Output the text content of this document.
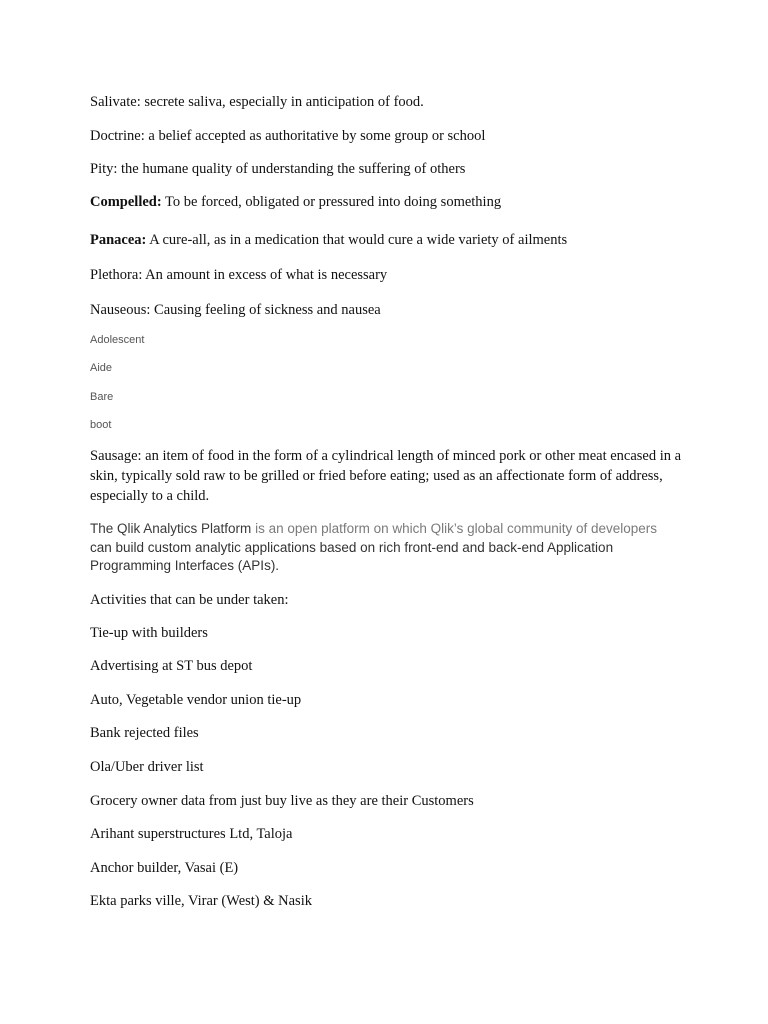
Salivate: secrete saliva, especially in anticipation of food.

Doctrine: a belief accepted as authoritative by some group or school

Pity: the humane quality of understanding the suffering of others

Compelled: To be forced, obligated or pressured into doing something

Panacea: A cure-all, as in a medication that would cure a wide variety of ailments

Plethora: An amount in excess of what is necessary

Nauseous: Causing feeling of sickness and nausea

Adolescent

Aide

Bare

boot

Sausage: an item of food in the form of a cylindrical length of minced pork or other meat encased in a skin, typically sold raw to be grilled or fried before eating; used as an affectionate form of address, especially to a child.

The Qlik Analytics Platform is an open platform on which Qlik’s global community of developers
can build custom analytic applications based on rich front-end and back-end Application
Programming Interfaces (APIs).

Activities that can be under taken:

Tie-up with builders

Advertising at ST bus depot

Auto, Vegetable vendor union tie-up

Bank rejected files

Ola/Uber driver list

Grocery owner data from just buy live as they are their Customers

Arihant superstructures Ltd, Taloja

Anchor builder, Vasai (E)

Ekta parks ville, Virar (West) & Nasik
